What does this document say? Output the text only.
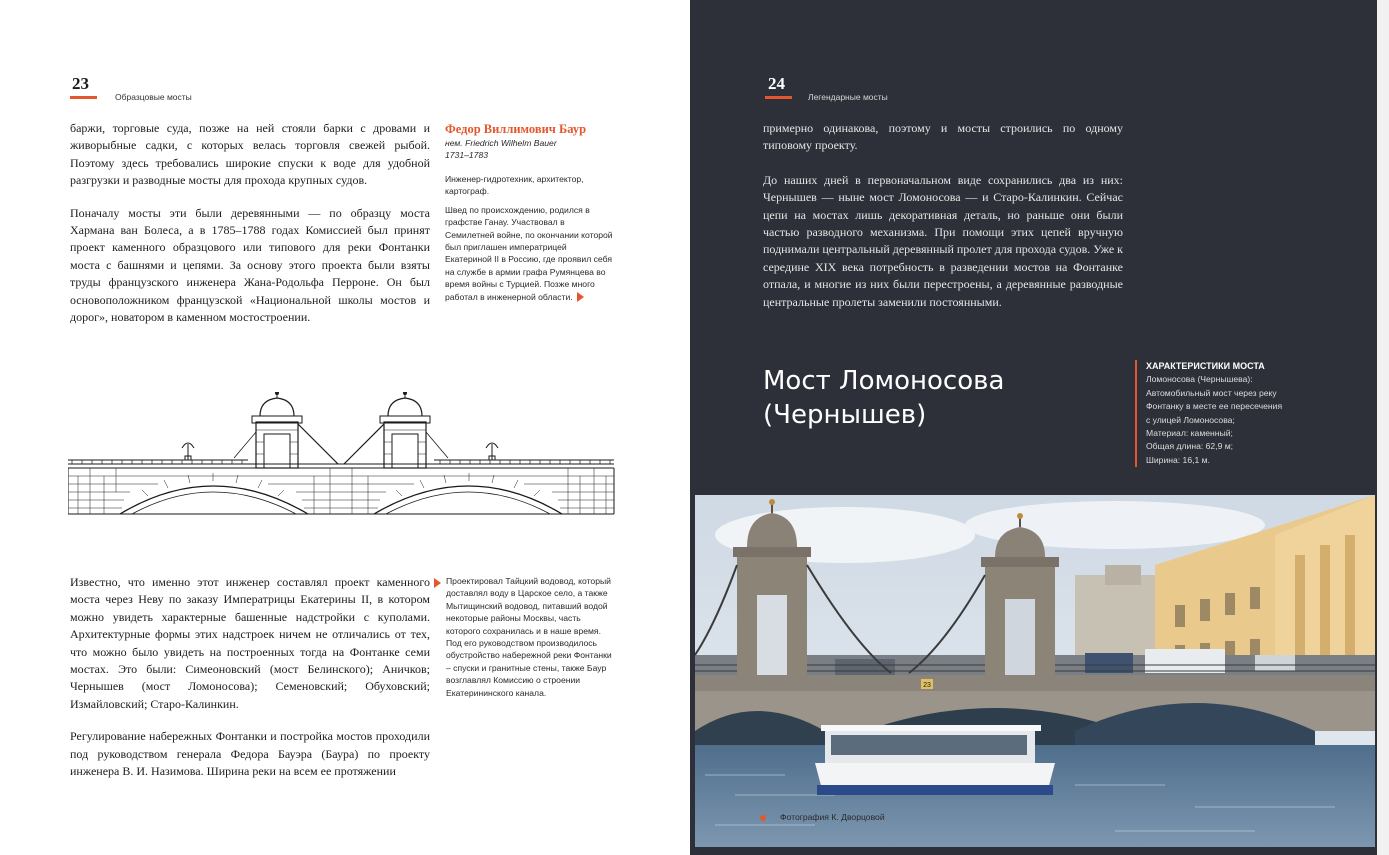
23
Образцовые мосты

баржи, торговые суда, позже на ней стояли барки с дровами и живорыбные садки, с которых велась торговля свежей рыбой. Поэтому здесь требовались широкие спуски к воде для удобной разгрузки и разводные мосты для прохода крупных судов.

Поначалу мосты эти были деревянными — по образцу моста Хармана ван Болеса, а в 1785–1788 годах Комиссией был принят проект каменного образцового или типового для реки Фонтанки моста с башнями и цепями. За основу этого проекта были взяты труды французского инженера Жана-Родольфа Перроне. Он был основоположником французской «Национальной школы мостов и дорог», новатором в каменном мостостроении.

Федор Виллимович Баур
нем. Friedrich Wilhelm Bauer
1731–1783

Инженер-гидротехник, архитектор, картограф.

Швед по происхождению, родился в графстве Ганау. Участвовал в Семилетней войне, по окончании которой был приглашен императрицей Екатериной II в Россию, где проявил себя на службе в армии графа Румянцева во время войны с Турцией. Позже много работал в инженерной области.

Известно, что именно этот инженер составлял проект каменного моста через Неву по заказу Императрицы Екатерины II, в котором можно увидеть характерные башенные надстройки с куполами. Архитектурные формы этих надстроек ничем не отличались от тех, что можно было увидеть на построенных тогда на Фонтанке семи мостах. Это были: Симеоновский (мост Белинского); Аничков; Чернышев (мост Ломоносова); Семеновский; Обуховский; Измайловский; Старо-Калинкин.

Регулирование набережных Фонтанки и постройка мостов проходили под руководством генерала Федора Бауэра (Баура) по проекту инженера В. И. Назимова. Ширина реки на всем ее протяжении

Проектировал Тайцкий водовод, который доставлял воду в Царское село, а также Мытищинский водовод, питавший водой некоторые районы Москвы, часть которого сохранилась и в наше время. Под его руководством производилось обустройство набережной реки Фонтанки – спуски и гранитные стены, также Баур возглавлял Комиссию о строении Екатерининского канала.

24
Легендарные мосты

примерно одинакова, поэтому и мосты строились по одному типовому проекту.

До наших дней в первоначальном виде сохранились два из них: Чернышев — ныне мост Ломоносова — и Старо-Калинкин. Сейчас цепи на мостах лишь декоративная деталь, но раньше они были частью разводного механизма. При помощи этих цепей вручную поднимали центральный деревянный пролет для прохода судов. Уже к середине XIX века потребность в разведении мостов на Фонтанке отпала, и многие из них были перестроены, а деревянные разводные центральные пролеты заменили постоянными.

Мост Ломоносова
(Чернышев)
ХАРАКТЕРИСТИКИ МОСТА
Ломоносова (Чернышева):
Автомобильный мост через реку
Фонтанку в месте ее пересечения
с улицей Ломоносова;
Материал: каменный;
Общая длина: 62,9 м;
Ширина: 16,1 м.
23
Фотография К. Дворцовой
